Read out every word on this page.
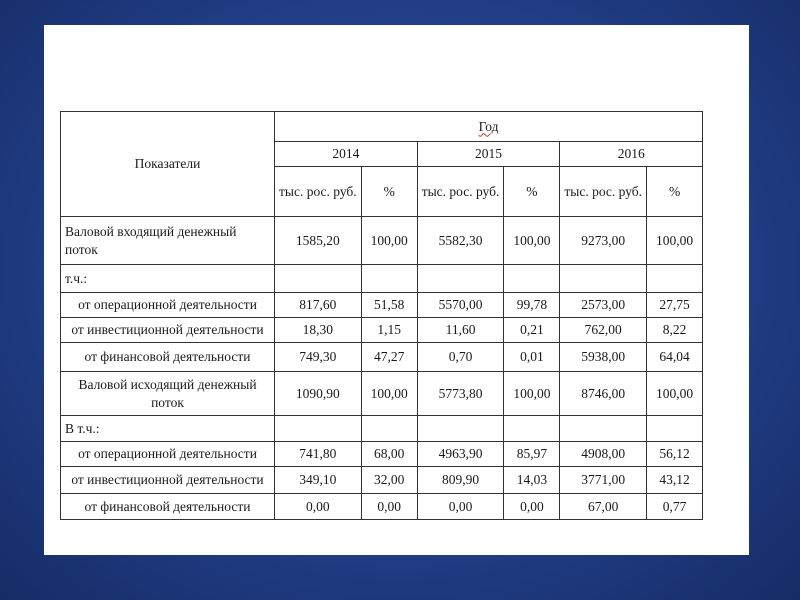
Показатели	Год					
	2014		2015		2016	
	тыс. рос. руб.	%	тыс. рос. руб.	%	тыс. рос. руб.	%
Валовой входящий денежный поток	1585,20	100,00	5582,30	100,00	9273,00	100,00
т.ч.:						
от операционной деятельности	817,60	51,58	5570,00	99,78	2573,00	27,75
от инвестиционной деятельности	18,30	1,15	11,60	0,21	762,00	8,22
от финансовой деятельности	749,30	47,27	0,70	0,01	5938,00	64,04
Валовой исходящий денежный поток	1090,90	100,00	5773,80	100,00	8746,00	100,00
В т.ч.:						
от операционной деятельности	741,80	68,00	4963,90	85,97	4908,00	56,12
от инвестиционной деятельности	349,10	32,00	809,90	14,03	3771,00	43,12
от финансовой деятельности	0,00	0,00	0,00	0,00	67,00	0,77
